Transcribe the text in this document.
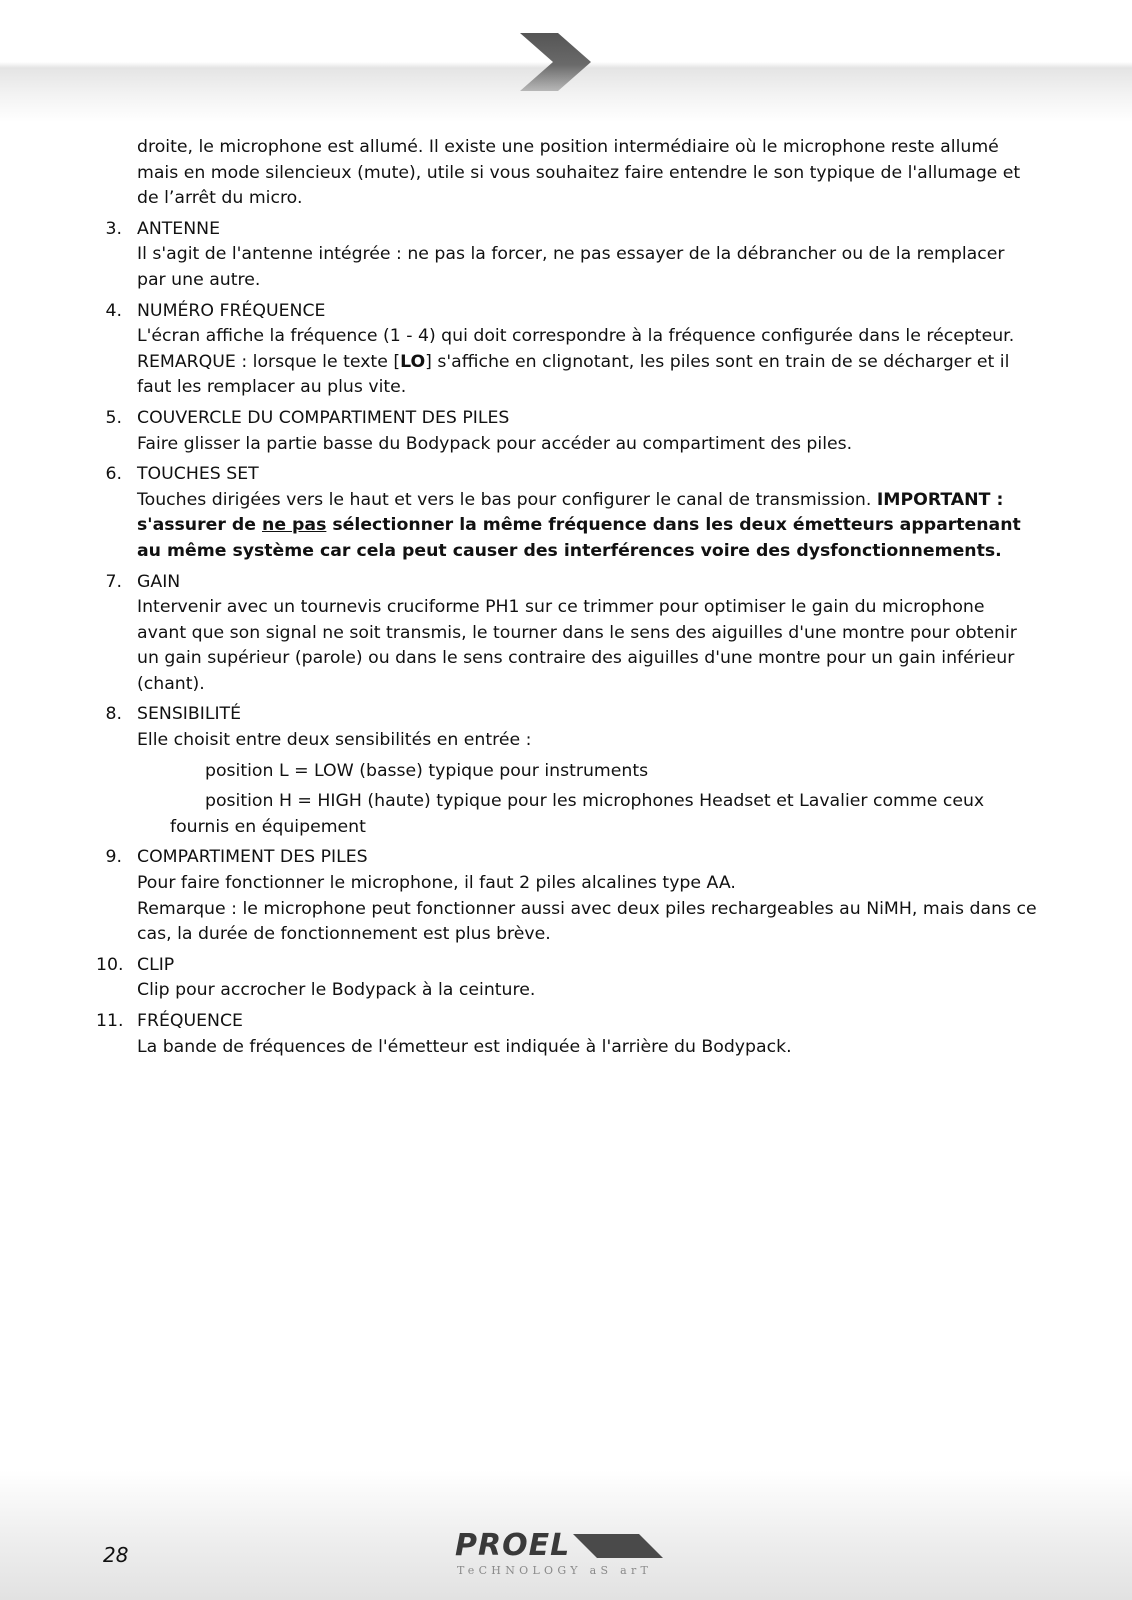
droite, le microphone est allumé. Il existe une position intermédiaire où le microphone reste allumé mais en mode silencieux (mute), utile si vous souhaitez faire entendre le son typique de l'allumage et de l’arrêt du micro.
3. ANTENNE
Il s'agit de l'antenne intégrée : ne pas la forcer, ne pas essayer de la débrancher ou de la remplacer par une autre.
4. NUMÉRO FRÉQUENCE
L'écran affiche la fréquence (1 - 4) qui doit correspondre à la fréquence configurée dans le récepteur.
REMARQUE : lorsque le texte [LO] s'affiche en clignotant, les piles sont en train de se décharger et il faut les remplacer au plus vite.
5. COUVERCLE DU COMPARTIMENT DES PILES
Faire glisser la partie basse du Bodypack pour accéder au compartiment des piles.
6. TOUCHES SET
Touches dirigées vers le haut et vers le bas pour configurer le canal de transmission. IMPORTANT : s'assurer de ne pas sélectionner la même fréquence dans les deux émetteurs appartenant au même système car cela peut causer des interférences voire des dysfonctionnements.
7. GAIN
Intervenir avec un tournevis cruciforme PH1 sur ce trimmer pour optimiser le gain du microphone avant que son signal ne soit transmis, le tourner dans le sens des aiguilles d'une montre pour obtenir un gain supérieur (parole) ou dans le sens contraire des aiguilles d'une montre pour un gain inférieur (chant).
8. SENSIBILITÉ
Elle choisit entre deux sensibilités en entrée :
position L = LOW (basse) typique pour instruments
position H = HIGH (haute) typique pour les microphones Headset et Lavalier comme ceux fournis en équipement
9. COMPARTIMENT DES PILES
Pour faire fonctionner le microphone, il faut 2 piles alcalines type AA.
Remarque : le microphone peut fonctionner aussi avec deux piles rechargeables au NiMH, mais dans ce cas, la durée de fonctionnement est plus brève.
10. CLIP
Clip pour accrocher le Bodypack à la ceinture.
11. FRÉQUENCE
La bande de fréquences de l'émetteur est indiquée à l'arrière du Bodypack.
28	PROEL
TeCHNOLOGY aS arT
